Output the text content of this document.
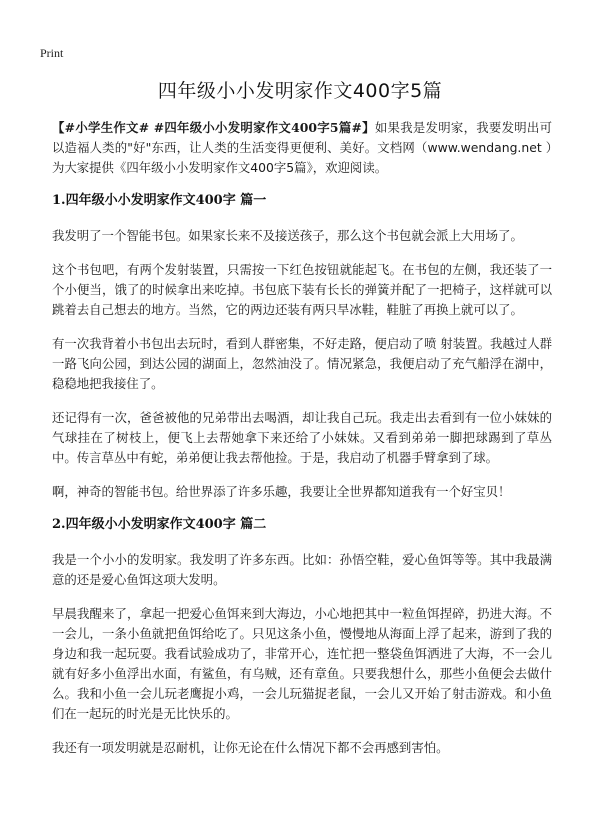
Print
四年级小小发明家作文400字5篇

【#小学生作文# #四年级小小发明家作文400字5篇#】如果我是发明家，我要发明出可以造福人类的"好"东西，让人类的生活变得更便利、美好。文档网（www.wendang.net ）为大家提供《四年级小小发明家作文400字5篇》，欢迎阅读。

1.四年级小小发明家作文400字 篇一

我发明了一个智能书包。如果家长来不及接送孩子，那么这个书包就会派上大用场了。

这个书包吧，有两个发射装置，只需按一下红色按钮就能起飞。在书包的左侧，我还装了一个小便当，饿了的时候拿出来吃掉。书包底下装有长长的弹簧并配了一把椅子，这样就可以跳着去自己想去的地方。当然，它的两边还装有两只旱冰鞋，鞋脏了再换上就可以了。

有一次我背着小书包出去玩时，看到人群密集，不好走路，便启动了喷 射装置。我越过人群一路飞向公园，到达公园的湖面上，忽然油没了。情况紧急，我便启动了充气船浮在湖中，稳稳地把我接住了。

还记得有一次，爸爸被他的兄弟带出去喝酒，却让我自己玩。我走出去看到有一位小妹妹的气球挂在了树枝上，便飞上去帮她拿下来还给了小妹妹。又看到弟弟一脚把球踢到了草丛中。传言草丛中有蛇，弟弟便让我去帮他捡。于是，我启动了机器手臂拿到了球。

啊，神奇的智能书包。给世界添了许多乐趣，我要让全世界都知道我有一个好宝贝！

2.四年级小小发明家作文400字 篇二

我是一个小小的发明家。我发明了许多东西。比如：孙悟空鞋，爱心鱼饵等等。其中我最满意的还是爱心鱼饵这项大发明。

早晨我醒来了，拿起一把爱心鱼饵来到大海边，小心地把其中一粒鱼饵捏碎，扔进大海。不一会儿，一条小鱼就把鱼饵给吃了。只见这条小鱼，慢慢地从海面上浮了起来，游到了我的身边和我一起玩耍。我看试验成功了，非常开心，连忙把一整袋鱼饵洒进了大海，不一会儿就有好多小鱼浮出水面，有鲨鱼，有乌贼，还有章鱼。只要我想什么，那些小鱼便会去做什么。我和小鱼一会儿玩老鹰捉小鸡，一会儿玩猫捉老鼠，一会儿又开始了射击游戏。和小鱼们在一起玩的时光是无比快乐的。

我还有一项发明就是忍耐机，让你无论在什么情况下都不会再感到害怕。
